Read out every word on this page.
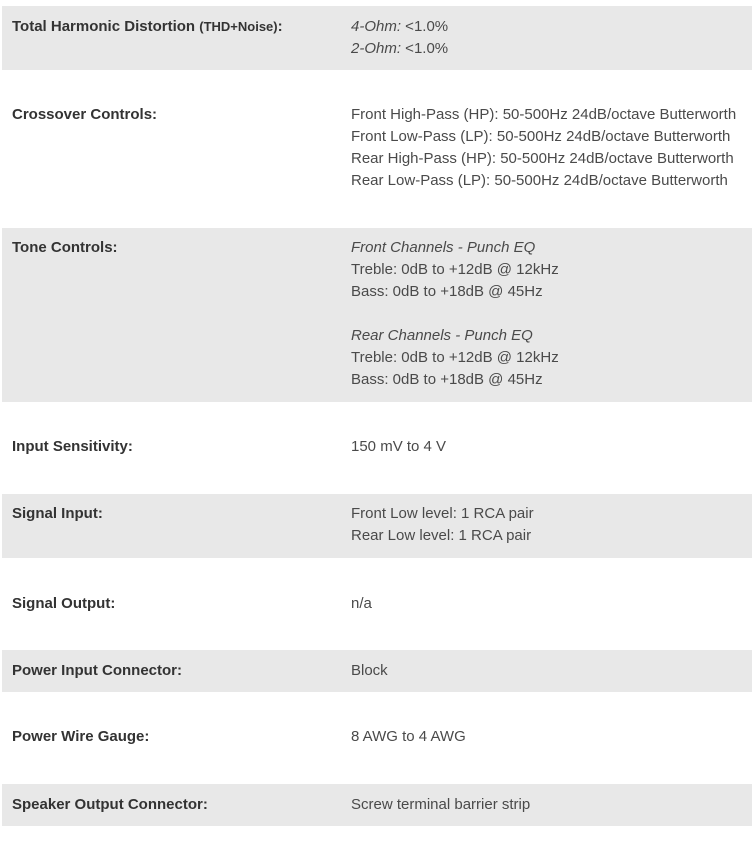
Total Harmonic Distortion (THD+Noise):	4-Ohm: <1.0%
2-Ohm: <1.0%
Crossover Controls:	Front High-Pass (HP): 50-500Hz 24dB/octave Butterworth
Front Low-Pass (LP): 50-500Hz 24dB/octave Butterworth
Rear High-Pass (HP): 50-500Hz 24dB/octave Butterworth
Rear Low-Pass (LP): 50-500Hz 24dB/octave Butterworth
Tone Controls:	Front Channels - Punch EQ
Treble: 0dB to +12dB @ 12kHz
Bass: 0dB to +18dB @ 45Hz
Rear Channels - Punch EQ
Treble: 0dB to +12dB @ 12kHz
Bass: 0dB to +18dB @ 45Hz
Input Sensitivity:	150 mV to 4 V
Signal Input:	Front Low level: 1 RCA pair
Rear Low level: 1 RCA pair
Signal Output:	n/a
Power Input Connector:	Block
Power Wire Gauge:	8 AWG to 4 AWG
Speaker Output Connector:	Screw terminal barrier strip
